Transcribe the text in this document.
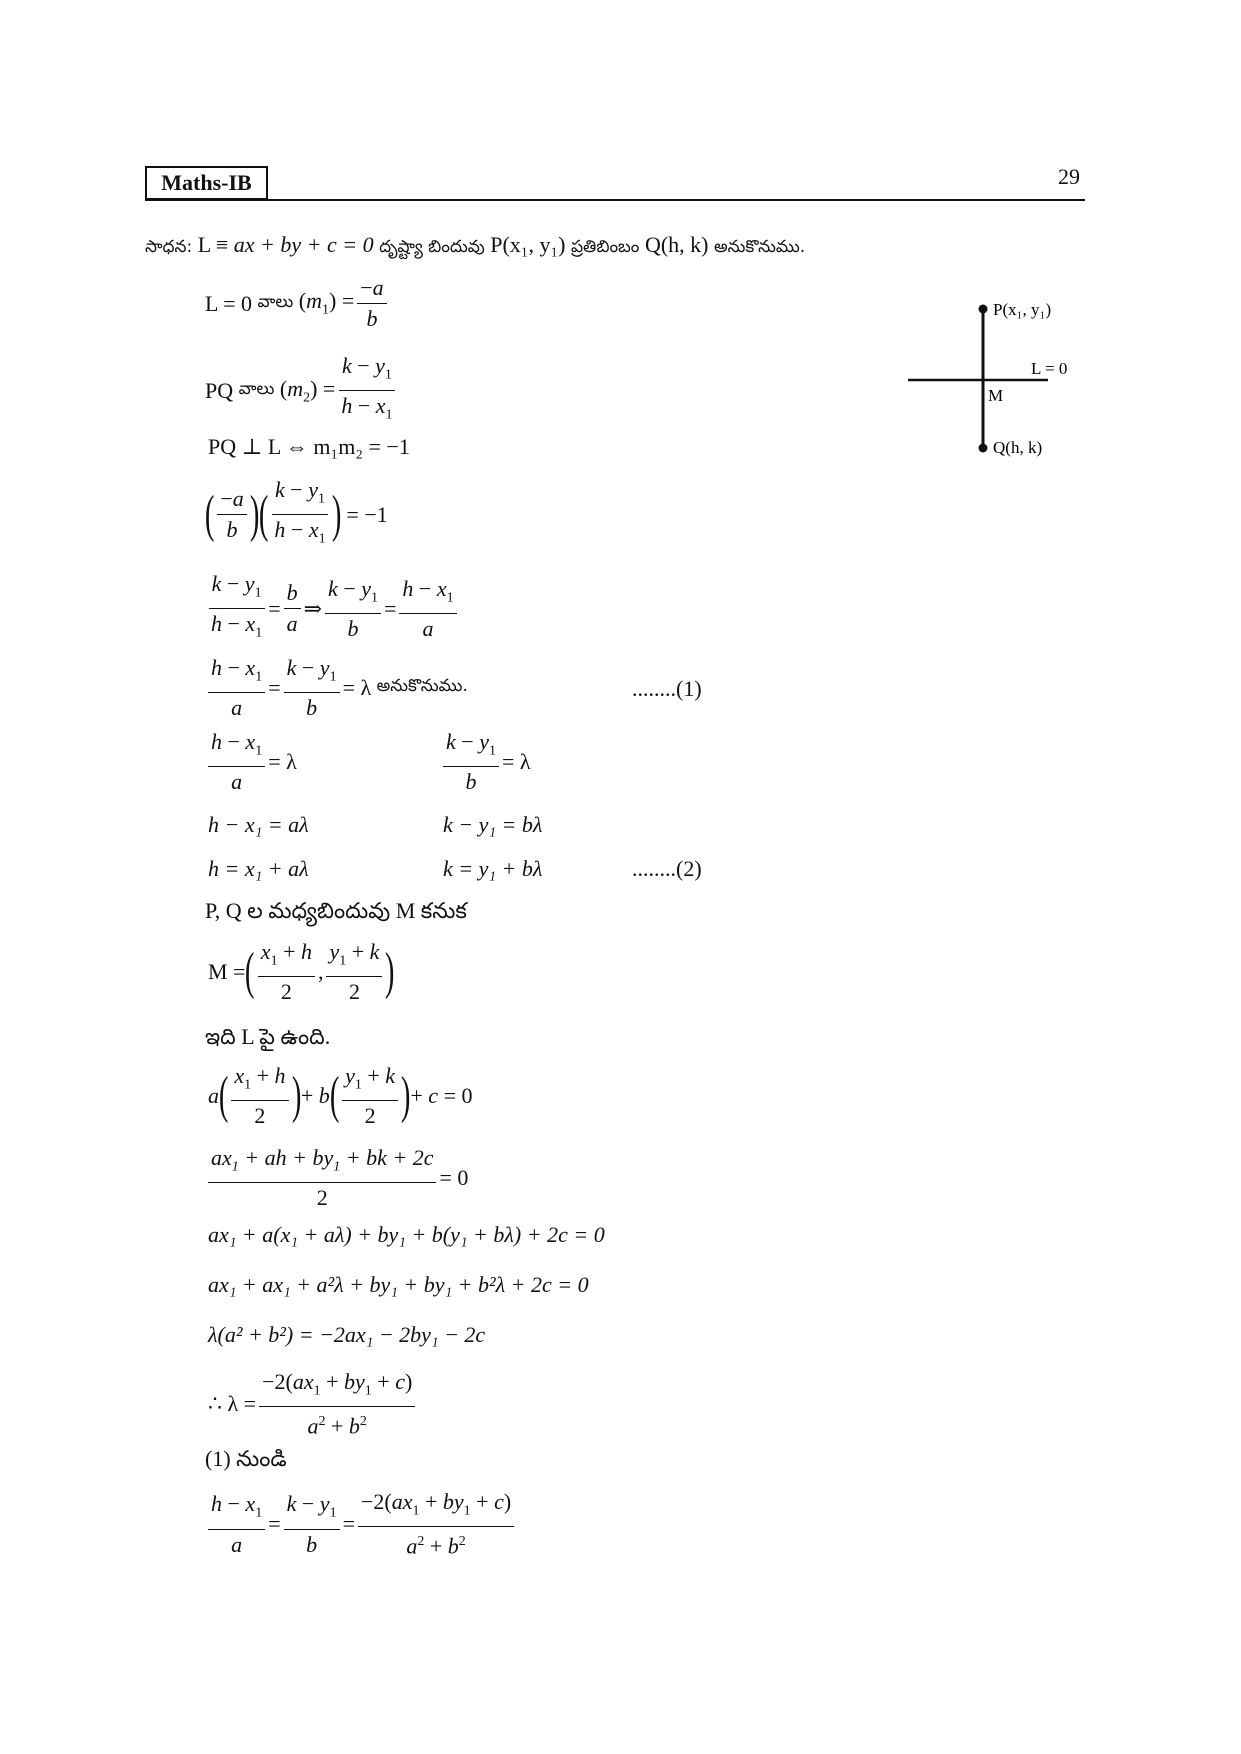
Maths-IB	29
సాధన: L ≡ ax + by + c = 0 దృష్ట్యా బిందువు P(x₁, y₁) ప్రతిబింబం Q(h, k) అనుకొనుము.
L = 0
వాలు
$(m_1) = \frac{-a}{b}$
PQ
వాలు
$(m_2) = \frac{k - y_1}{h - x_1}$
PQ ⊥ L ⇔ m₁m₂ = −1
( $\frac{-a}{b}$ ) ( $\frac{k - y_1}{h - x_1}$ ) = −1
$\frac{k - y_1}{h - x_1} = \frac{b}{a}$ ⇒ $\frac{k - y_1}{b} = \frac{h - x_1}{a}$
$\frac{h - x_1}{a} = \frac{k - y_1}{b} = \lambda$ అనుకొనుము.	........(1)
$\frac{h - x_1}{a} = \lambda$	$\frac{k - y_1}{b} = \lambda$
h − x₁ = aλ	k − y₁ = bλ
h = x₁ + aλ	k = y₁ + bλ	........(2)
P, Q ల మధ్యబిందువు M కనుక
M = ( $\frac{x_1 + h}{2}$ , $\frac{y_1 + k}{2}$ )
ఇది L పై ఉంది.
a ( $\frac{x_1 + h}{2}$ ) + b ( $\frac{y_1 + k}{2}$ ) + c = 0
$\frac{ax_1 + ah + by_1 + bk + 2c}{2} = 0$
ax₁ + a(x₁ + aλ) + by₁ + b(y₁ + bλ) + 2c = 0
ax₁ + ax₁ + a²λ + by₁ + by₁ + b²λ + 2c = 0
λ(a² + b²) = −2ax₁ − 2by₁ − 2c
∴ $\lambda = \frac{-2(ax_1 + by_1 + c)}{a^2 + b^2}$
(1) నుండి
$\frac{h - x_1}{a} = \frac{k - y_1}{b} = \frac{-2(ax_1 + by_1 + c)}{a^2 + b^2}$
P(x₁, y₁)
L = 0
M
Q(h, k)
